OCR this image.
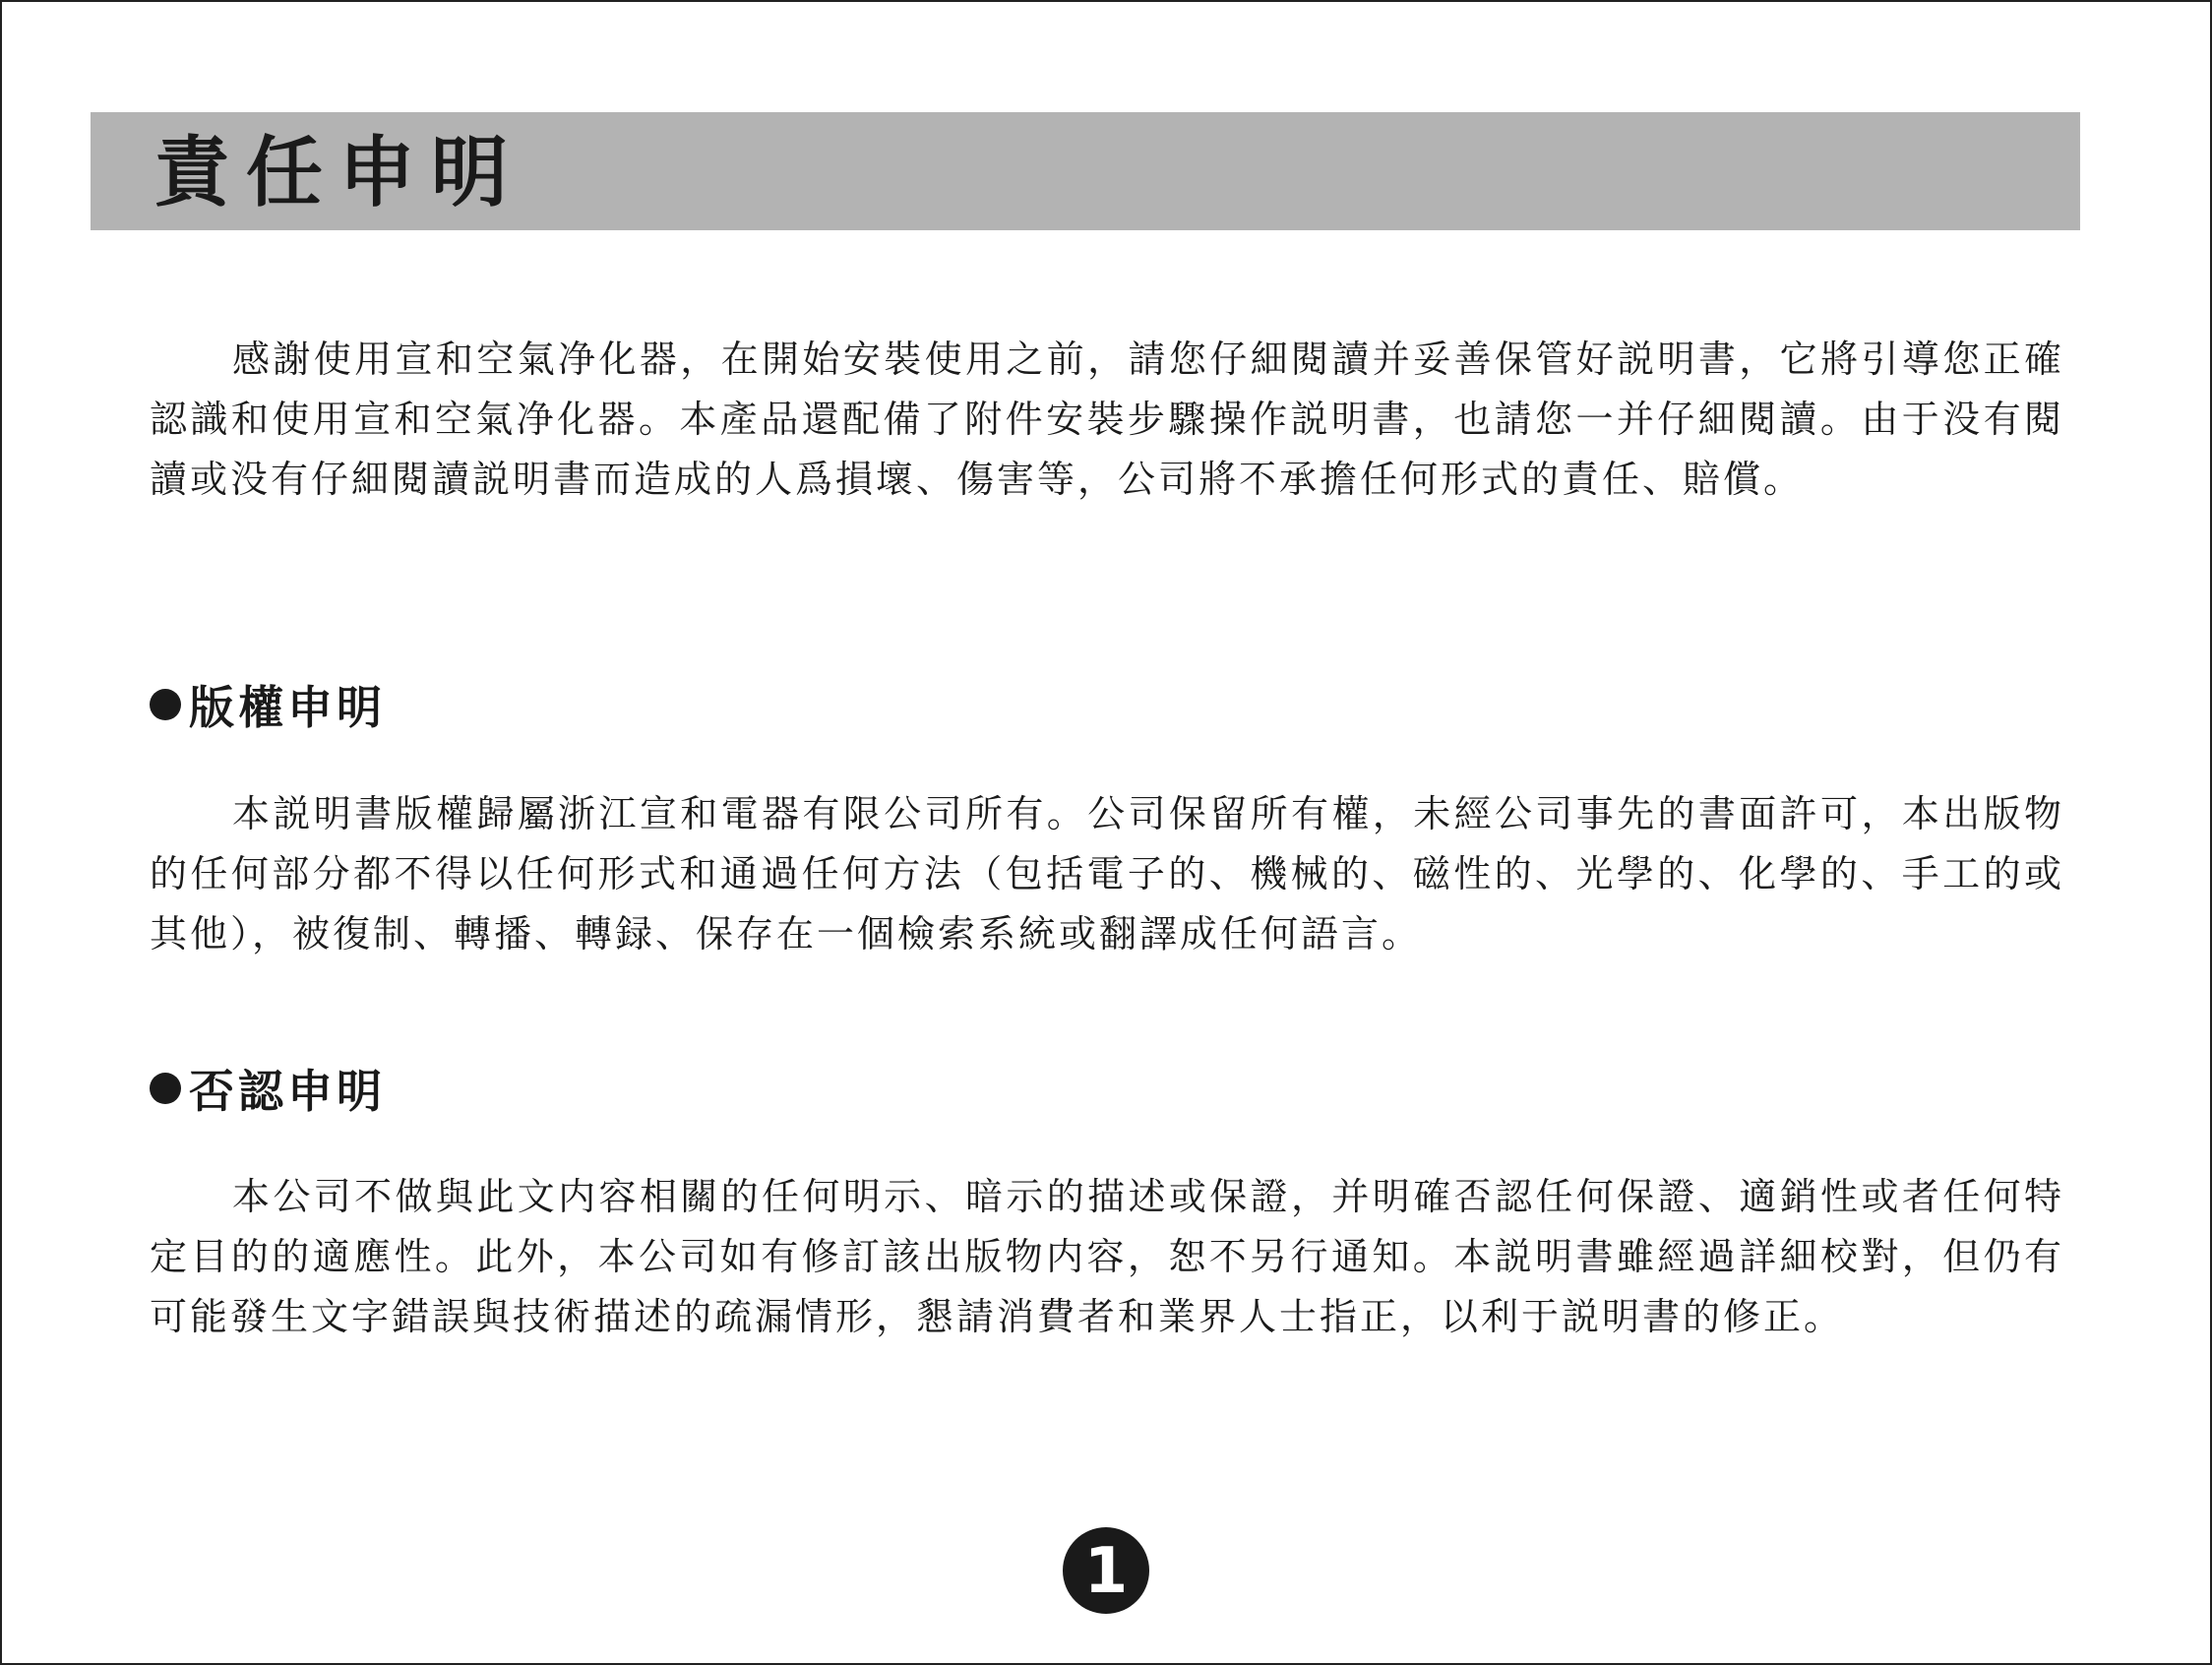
責任申明

感謝使用宣和空氣净化器，在開始安裝使用之前，請您仔細閱讀并妥善保管好説明書，它將引導您正確認識和使用宣和空氣净化器。本產品還配備了附件安裝步驟操作説明書，也請您一并仔細閱讀。由于没有閱讀或没有仔細閱讀説明書而造成的人爲損壞、傷害等，公司將不承擔任何形式的責任、賠償。

版權申明

本説明書版權歸屬浙江宣和電器有限公司所有。公司保留所有權，未經公司事先的書面許可，本出版物的任何部分都不得以任何形式和通過任何方法（包括電子的、機械的、磁性的、光學的、化學的、手工的或其他），被復制、轉播、轉録、保存在一個檢索系統或翻譯成任何語言。

否認申明

本公司不做與此文内容相關的任何明示、暗示的描述或保證，并明確否認任何保證、適銷性或者任何特定目的的適應性。此外，本公司如有修訂該出版物内容，恕不另行通知。本説明書雖經過詳細校對，但仍有可能發生文字錯誤與技術描述的疏漏情形，懇請消費者和業界人士指正，以利于説明書的修正。

1
